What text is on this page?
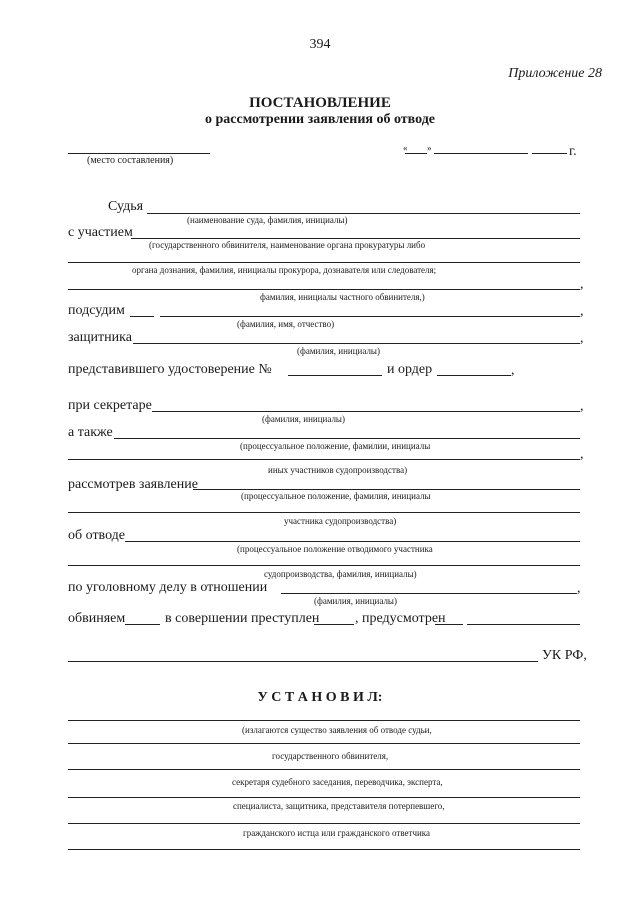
394
Приложение 28
ПОСТАНОВЛЕНИЕ
о рассмотрении заявления об отводе
(место составления)
« »	г.
Судья
(наименование суда, фамилия, инициалы)
с участием
(государственного обвинителя, наименование органа прокуратуры либо
органа дознания, фамилия, инициалы прокурора, дознавателя или следователя;
,
фамилия, инициалы частного обвинителя,)
подсудим	,
(фамилия, имя, отчество)
защитника	,
(фамилия, инициалы)
представившего удостоверение №	и ордер	,
при секретаре	,
(фамилия, инициалы)
а также
(процессуальное положение, фамилии, инициалы
,
иных участников судопроизводства)
рассмотрев заявление
(процессуальное положение, фамилия, инициалы
участника судопроизводства)
об отводе
(процессуальное положение отводимого участника
судопроизводства, фамилия, инициалы)
по уголовному делу в отношении	,
(фамилия, инициалы)
обвиняем	в совершении преступлен	, предусмотрен
УК РФ,
У С Т А Н О В И Л:
(излагаются существо заявления об отводе судьи,
государственного обвинителя,
секретаря судебного заседания, переводчика, эксперта,
специалиста, защитника, представителя потерпевшего,
гражданского истца или гражданского ответчика
